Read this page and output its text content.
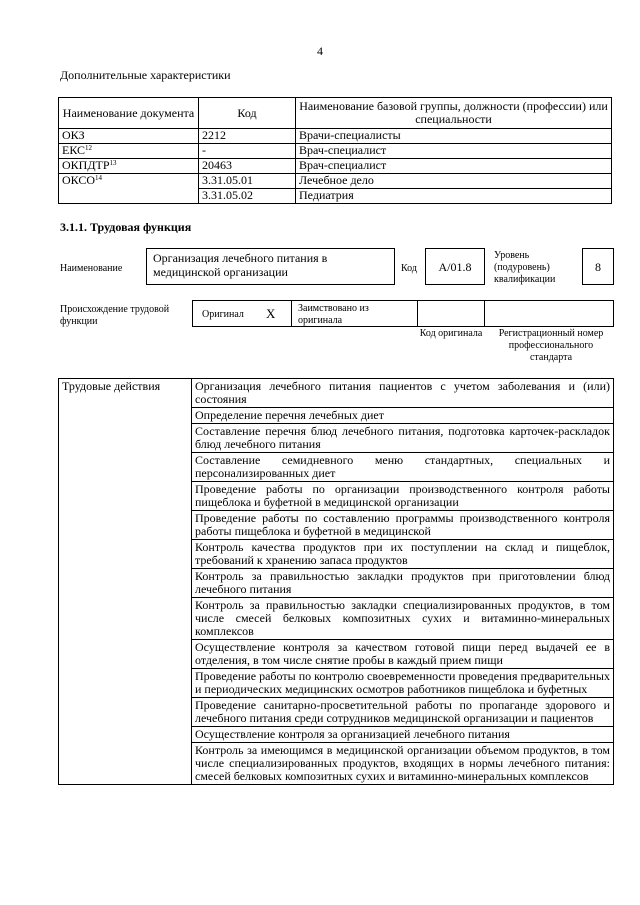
4
Дополнительные характеристики
Наименование документа	Код	Наименование базовой группы, должности (профессии) или специальности
ОКЗ	2212	Врачи-специалисты
ЕКС$^{12}$	-	Врач-специалист
ОКПДТР$^{13}$	20463	Врач-специалист
ОКСО$^{14}$	3.31.05.01	Лечебное дело
	3.31.05.02	Педиатрия
3.1.1. Трудовая функция
Наименование
Организация лечебного питания в медицинской организации	Код	A/01.8
Уровень (подуровень) квалификации
8
Происхождение трудовой функции
Оригинал X Заимствовано из оригинала
Код оригинала	Регистрационный номер профессионального стандарта
Трудовые действия	Организация лечебного питания пациентов с учетом заболевания и (или) состояния
Определение перечня лечебных диет
Составление перечня блюд лечебного питания, подготовка карточек-раскладок блюд лечебного питания
Составление семидневного меню стандартных, специальных и персонализированных диет
Проведение работы по организации производственного контроля работы пищеблока и буфетной в медицинской организации
Проведение работы по составлению программы производственного контроля работы пищеблока и буфетной в медицинской
Контроль качества продуктов при их поступлении на склад и пищеблок, требований к хранению запаса продуктов
Контроль за правильностью закладки продуктов при приготовлении блюд лечебного питания
Контроль за правильностью закладки специализированных продуктов, в том числе смесей белковых композитных сухих и витаминно-минеральных комплексов
Осуществление контроля за качеством готовой пищи перед выдачей ее в отделения, в том числе снятие пробы в каждый прием пищи
Проведение работы по контролю своевременности проведения предварительных и периодических медицинских осмотров работников пищеблока и буфетных
Проведение санитарно-просветительной работы по пропаганде здорового и лечебного питания среди сотрудников медицинской организации и пациентов
Осуществление контроля за организацией лечебного питания
Контроль за имеющимся в медицинской организации объемом продуктов, в том числе специализированных продуктов, входящих в нормы лечебного питания: смесей белковых композитных сухих и витаминно-минеральных комплексов
